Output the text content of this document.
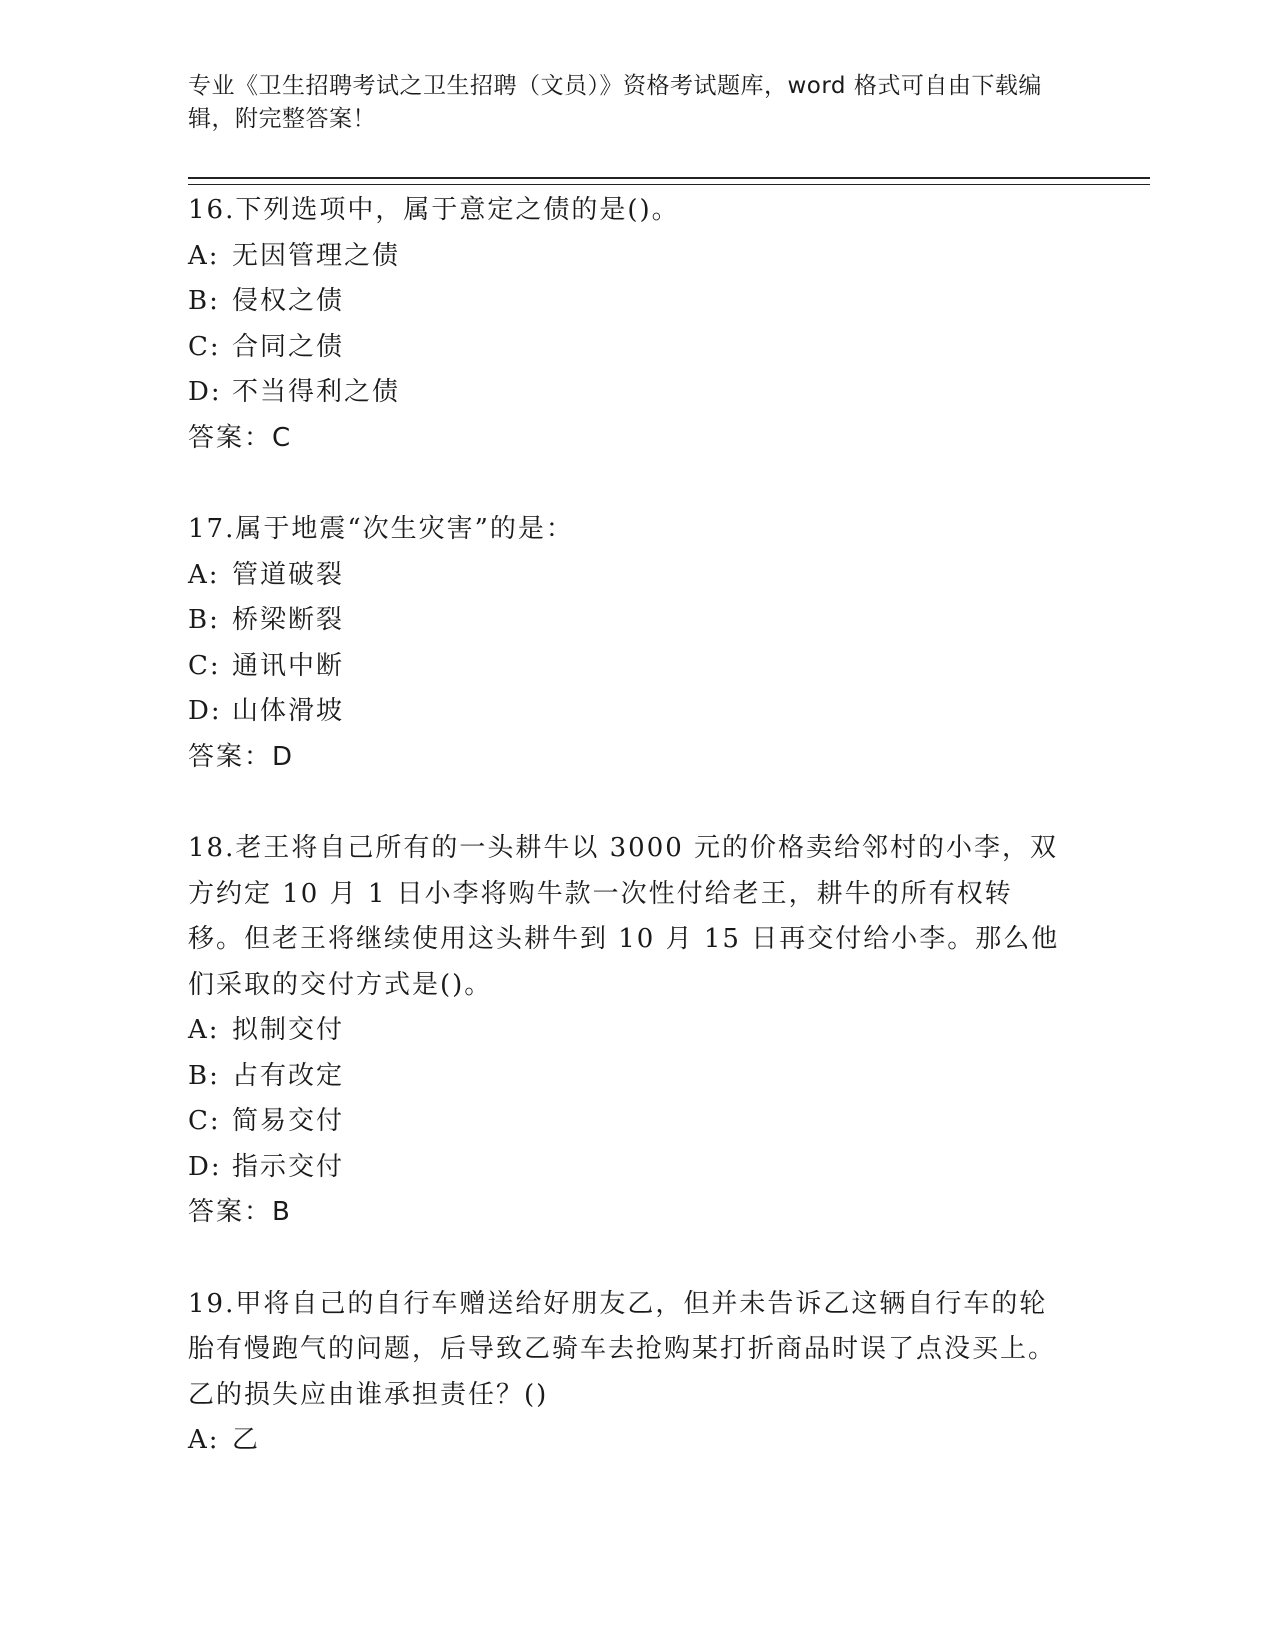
专业《卫生招聘考试之卫生招聘（文员）》资格考试题库，word 格式可自由下载编辑，附完整答案！
16.下列选项中，属于意定之债的是()。
A: 无因管理之债
B: 侵权之债
C: 合同之债
D: 不当得利之债
答案：C
17.属于地震“次生灾害”的是：
A: 管道破裂
B: 桥梁断裂
C: 通讯中断
D: 山体滑坡
答案：D
18.老王将自己所有的一头耕牛以 3000 元的价格卖给邻村的小李，双方约定 10 月 1 日小李将购牛款一次性付给老王，耕牛的所有权转移。但老王将继续使用这头耕牛到 10 月 15 日再交付给小李。那么他们采取的交付方式是()。
A: 拟制交付
B: 占有改定
C: 简易交付
D: 指示交付
答案：B
19.甲将自己的自行车赠送给好朋友乙，但并未告诉乙这辆自行车的轮胎有慢跑气的问题，后导致乙骑车去抢购某打折商品时误了点没买上。乙的损失应由谁承担责任？()
A: 乙
